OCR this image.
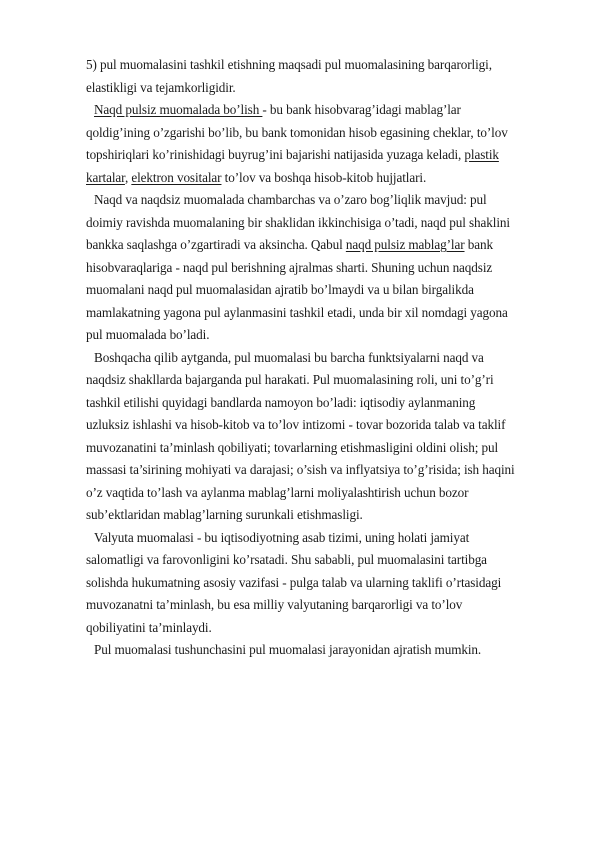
5) pul muomalasini tashkil etishning maqsadi pul muomalasining barqarorligi,
elastikligi va tejamkorligidir.
Naqd pulsiz muomalada bo’lish - bu bank hisobvarag’idagi mablag’lar
qoldig’ining o’zgarishi bo’lib, bu bank tomonidan hisob egasining cheklar, to’lov
topshiriqlari ko’rinishidagi buyrug’ini bajarishi natijasida yuzaga keladi, plastik
kartalar, elektron vositalar to’lov va boshqa hisob-kitob hujjatlari.
Naqd va naqdsiz muomalada chambarchas va o’zaro bog’liqlik mavjud: pul
doimiy ravishda muomalaning bir shaklidan ikkinchisiga o’tadi, naqd pul shaklini
bankka saqlashga o’zgartiradi va aksincha. Qabul naqd pulsiz mablag’lar bank
hisobvaraqlariga - naqd pul berishning ajralmas sharti. Shuning uchun naqdsiz
muomalani naqd pul muomalasidan ajratib bo’lmaydi va u bilan birgalikda
mamlakatning yagona pul aylanmasini tashkil etadi, unda bir xil nomdagi yagona
pul muomalada bo’ladi.
Boshqacha qilib aytganda, pul muomalasi bu barcha funktsiyalarni naqd va
naqdsiz shakllarda bajarganda pul harakati. Pul muomalasining roli, uni to’g’ri
tashkil etilishi quyidagi bandlarda namoyon bo’ladi: iqtisodiy aylanmaning
uzluksiz ishlashi va hisob-kitob va to’lov intizomi - tovar bozorida talab va taklif
muvozanatini ta’minlash qobiliyati; tovarlarning etishmasligini oldini olish; pul
massasi ta’sirining mohiyati va darajasi; o’sish va inflyatsiya to’g’risida; ish haqini
o’z vaqtida to’lash va aylanma mablag’larni moliyalashtirish uchun bozor
sub’ektlaridan mablag’larning surunkali etishmasligi.
Valyuta muomalasi - bu iqtisodiyotning asab tizimi, uning holati jamiyat
salomatligi va farovonligini ko’rsatadi. Shu sababli, pul muomalasini tartibga
solishda hukumatning asosiy vazifasi - pulga talab va ularning taklifi o’rtasidagi
muvozanatni ta’minlash, bu esa milliy valyutaning barqarorligi va to’lov
qobiliyatini ta’minlaydi.
Pul muomalasi tushunchasini pul muomalasi jarayonidan ajratish mumkin.
